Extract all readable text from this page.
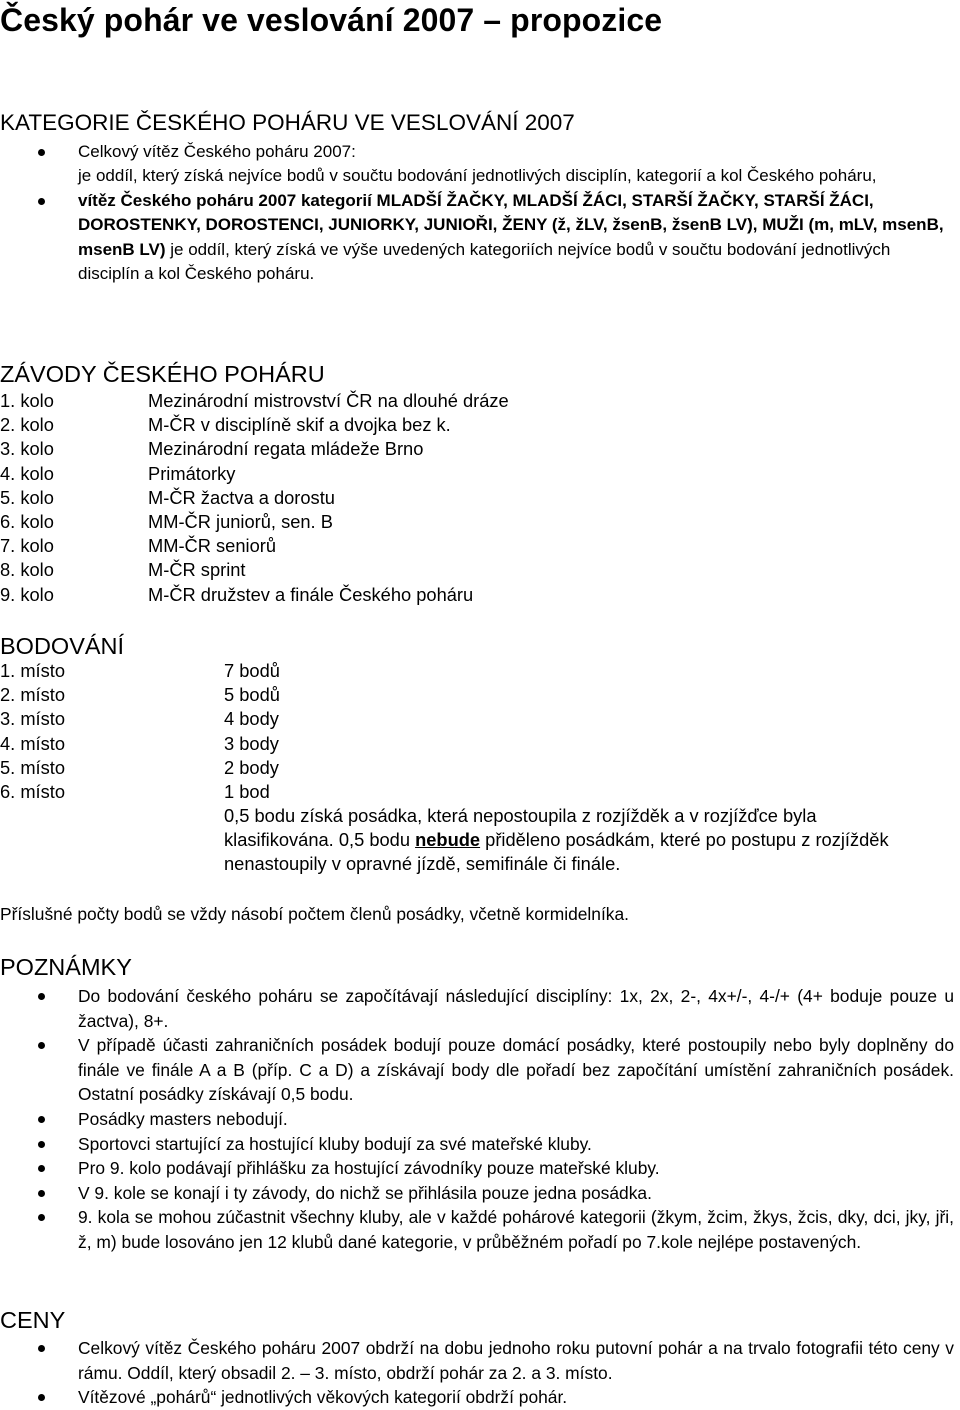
Český pohár ve veslování 2007 – propozice
KATEGORIE ČESKÉHO POHÁRU VE VESLOVÁNÍ 2007
Celkový vítěz Českého poháru 2007:
je oddíl, který získá nejvíce bodů v součtu bodování jednotlivých disciplín, kategorií a kol Českého poháru,
vítěz Českého poháru 2007 kategorií MLADŠÍ ŽAČKY, MLADŠÍ ŽÁCI, STARŠÍ ŽAČKY, STARŠÍ ŽÁCI, DOROSTENKY, DOROSTENCI, JUNIORKY, JUNIOŘI, ŽENY (ž, žLV, žsenB, žsenB LV), MUŽI (m, mLV, msenB, msenB LV) je oddíl, který získá ve výše uvedených kategoriích nejvíce bodů v součtu bodování jednotlivých disciplín a kol Českého poháru.
ZÁVODY ČESKÉHO POHÁRU
1. kolo	Mezinárodní mistrovství ČR na dlouhé dráze
2. kolo	M-ČR v disciplíně skif a dvojka bez k.
3. kolo	Mezinárodní regata mládeže Brno
4. kolo	Primátorky
5. kolo	M-ČR žactva a dorostu
6. kolo	MM-ČR juniorů, sen. B
7. kolo	MM-ČR seniorů
8. kolo	M-ČR sprint
9. kolo	M-ČR družstev a finále Českého poháru
BODOVÁNÍ
1. místo	7 bodů
2. místo	5 bodů
3. místo	4 body
4. místo	3 body
5. místo	2 body
6. místo	1 bod
0,5 bodu získá posádka, která nepostoupila z rozjížděk a v rozjížďce byla klasifikována. 0,5 bodu nebude přiděleno posádkám, které po postupu z rozjížděk nenastoupily v opravné jízdě, semifinále či finále.
Příslušné počty bodů se vždy násobí počtem členů posádky, včetně kormidelníka.
POZNÁMKY
Do bodování českého poháru se započítávají následující disciplíny: 1x, 2x, 2-, 4x+/-, 4-/+ (4+ boduje pouze u žactva), 8+.
V případě účasti zahraničních posádek bodují pouze domácí posádky, které postoupily nebo byly doplněny do finále ve finále A a B (příp. C a D) a získávají body dle pořadí bez započítání umístění zahraničních posádek. Ostatní posádky získávají 0,5 bodu.
Posádky masters nebodují.
Sportovci startující za hostující kluby bodují za své mateřské kluby.
Pro 9. kolo podávají přihlášku za hostující závodníky pouze mateřské kluby.
V 9. kole se konají i ty závody, do nichž se přihlásila pouze jedna posádka.
9. kola se mohou zúčastnit všechny kluby, ale v každé pohárové kategorii (žkym, žcim, žkys, žcis, dky, dci, jky, jři, ž, m) bude losováno jen 12 klubů dané kategorie, v průběžném pořadí po 7.kole nejlépe postavených.
CENY
Celkový vítěz Českého poháru 2007 obdrží na dobu jednoho roku putovní pohár a na trvalo fotografii této ceny v rámu. Oddíl, který obsadil 2. – 3. místo, obdrží pohár za 2. a 3. místo.
Vítězové „pohárů“ jednotlivých věkových kategorií obdrží pohár.
